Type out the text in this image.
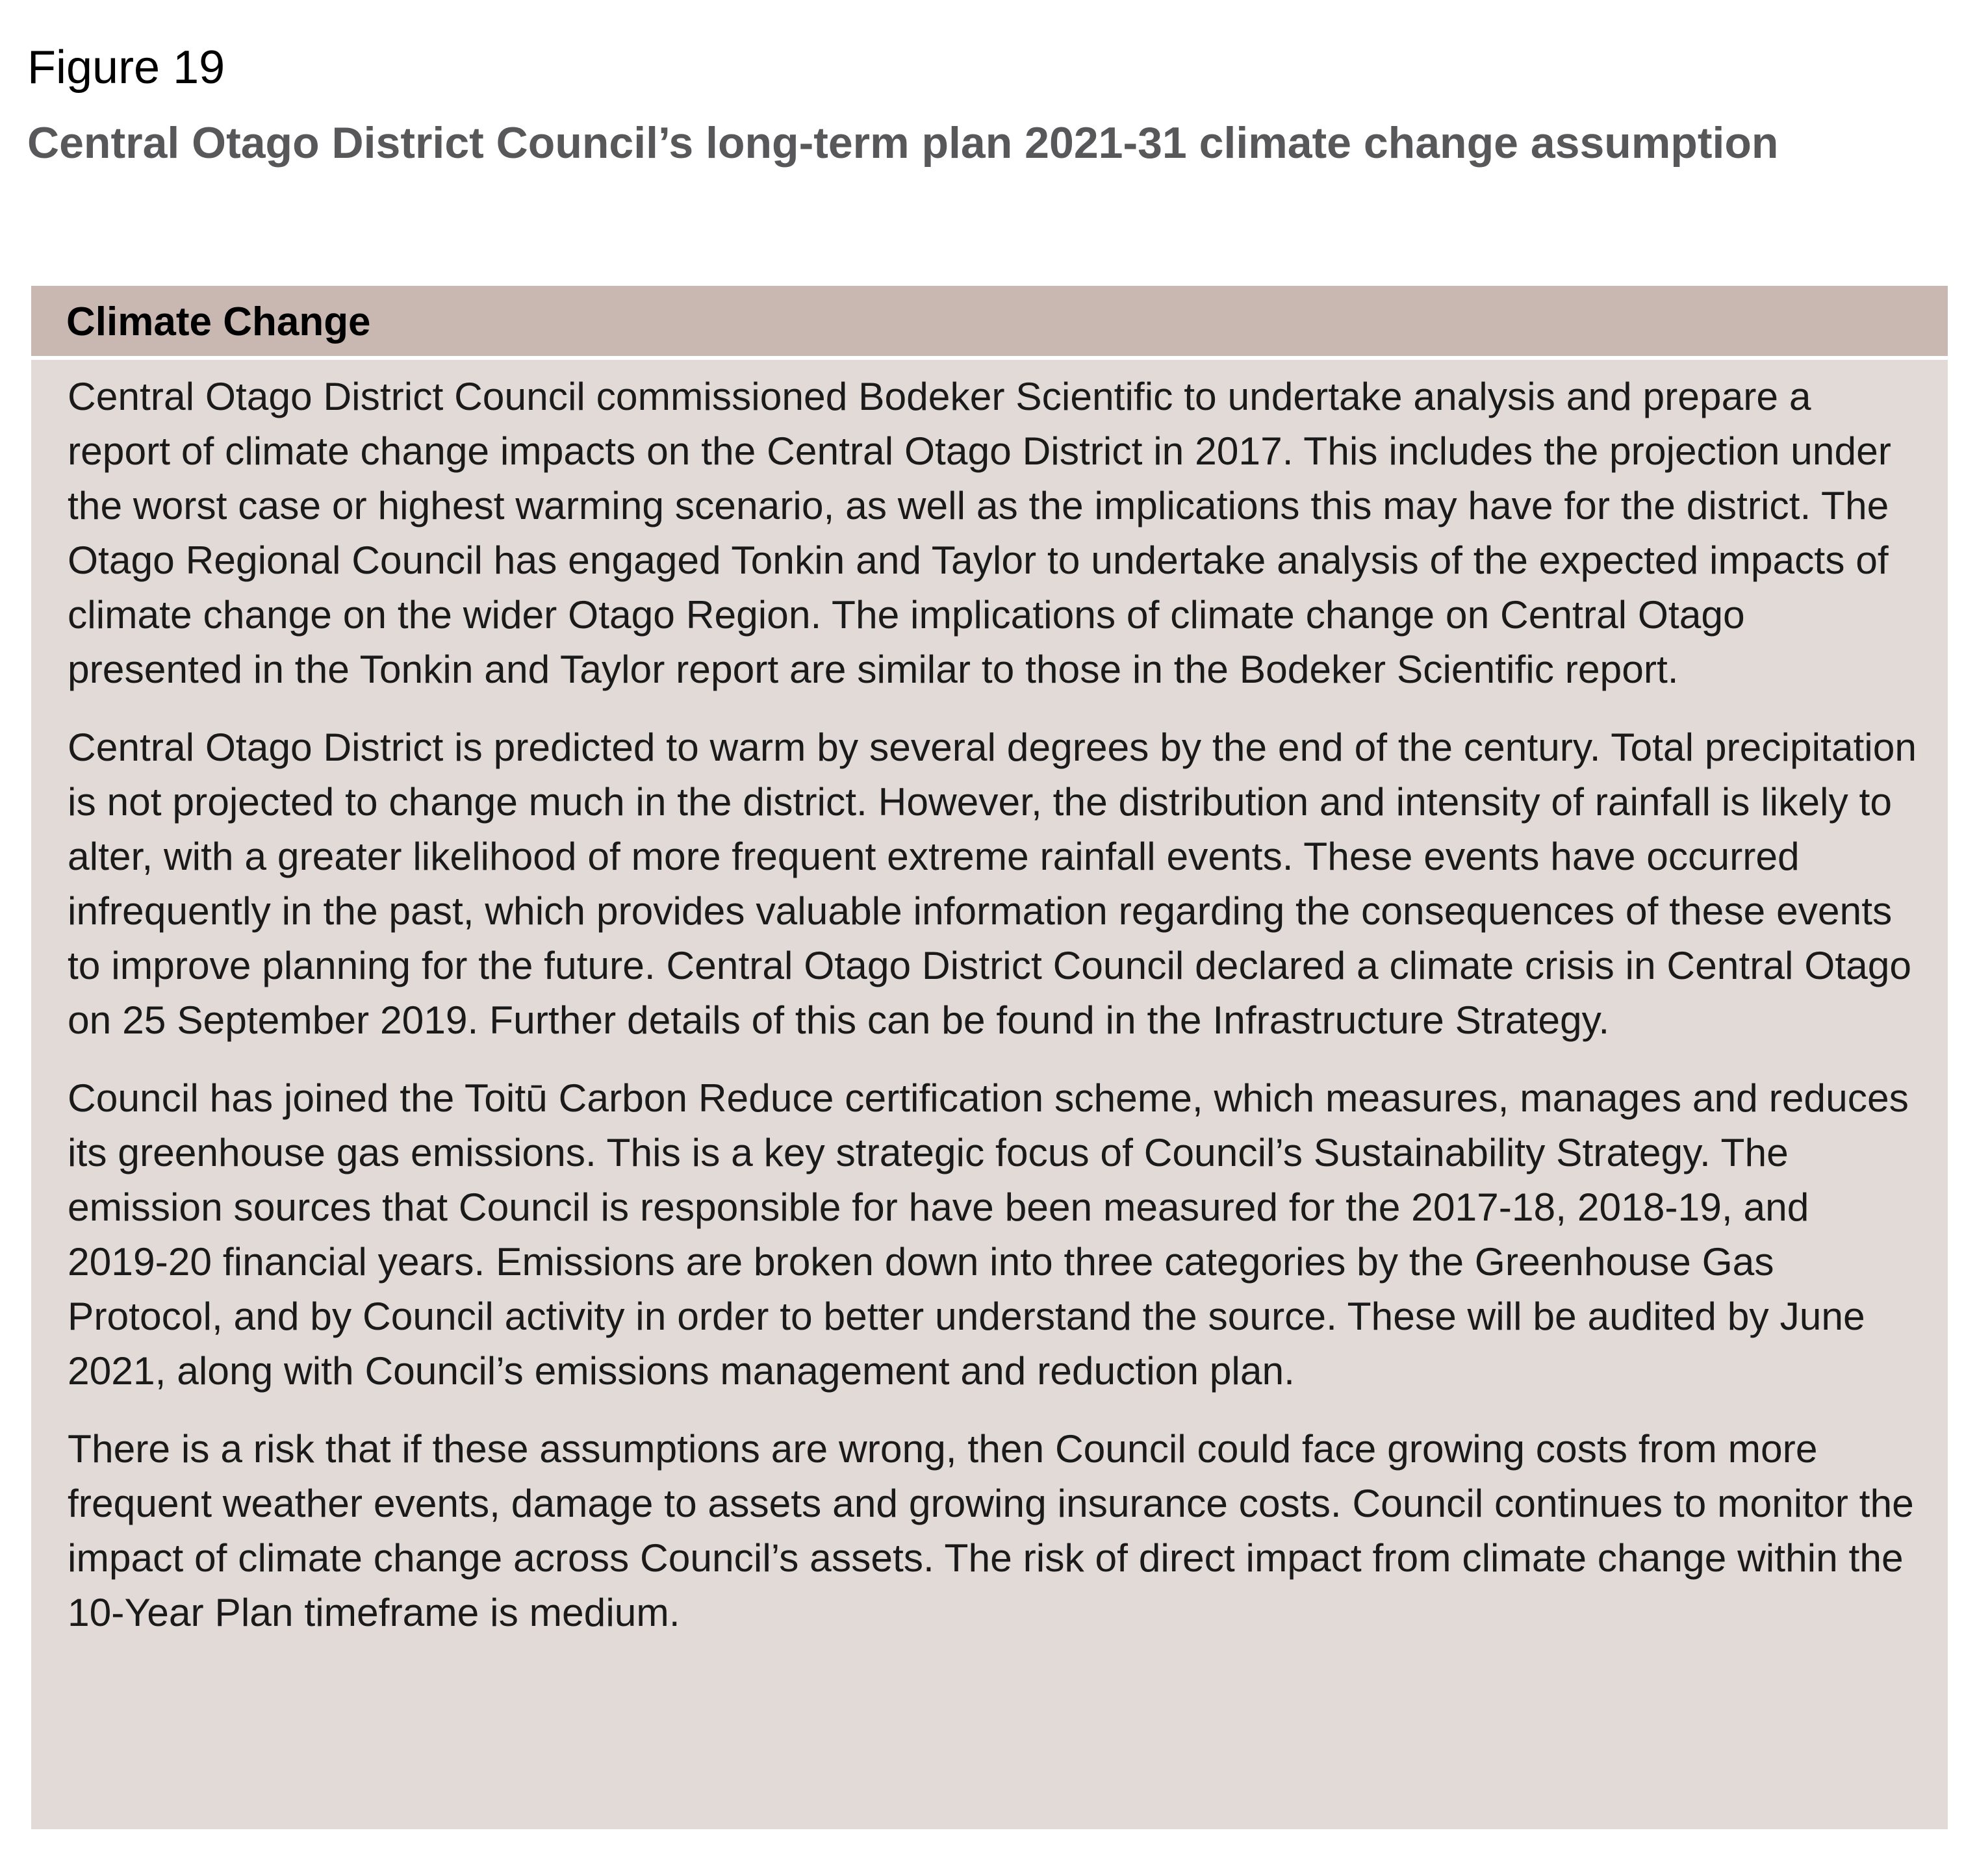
Figure 19
Central Otago District Council’s long-term plan 2021-31 climate change assumption

Climate Change

Central Otago District Council commissioned Bodeker Scientific to undertake analysis and prepare a report of climate change impacts on the Central Otago District in 2017. This includes the projection under the worst case or highest warming scenario, as well as the implications this may have for the district. The Otago Regional Council has engaged Tonkin and Taylor to undertake analysis of the expected impacts of climate change on the wider Otago Region. The implications of climate change on Central Otago presented in the Tonkin and Taylor report are similar to those in the Bodeker Scientific report.

Central Otago District is predicted to warm by several degrees by the end of the century. Total precipitation is not projected to change much in the district. However, the distribution and intensity of rainfall is likely to alter, with a greater likelihood of more frequent extreme rainfall events. These events have occurred infrequently in the past, which provides valuable information regarding the consequences of these events to improve planning for the future. Central Otago District Council declared a climate crisis in Central Otago on 25 September 2019. Further details of this can be found in the Infrastructure Strategy.

Council has joined the Toitū Carbon Reduce certification scheme, which measures, manages and reduces its greenhouse gas emissions. This is a key strategic focus of Council’s Sustainability Strategy. The emission sources that Council is responsible for have been measured for the 2017-18, 2018-19, and 2019-20 financial years. Emissions are broken down into three categories by the Greenhouse Gas Protocol, and by Council activity in order to better understand the source. These will be audited by June 2021, along with Council’s emissions management and reduction plan.

There is a risk that if these assumptions are wrong, then Council could face growing costs from more frequent weather events, damage to assets and growing insurance costs. Council continues to monitor the impact of climate change across Council’s assets. The risk of direct impact from climate change within the 10-Year Plan timeframe is medium.
